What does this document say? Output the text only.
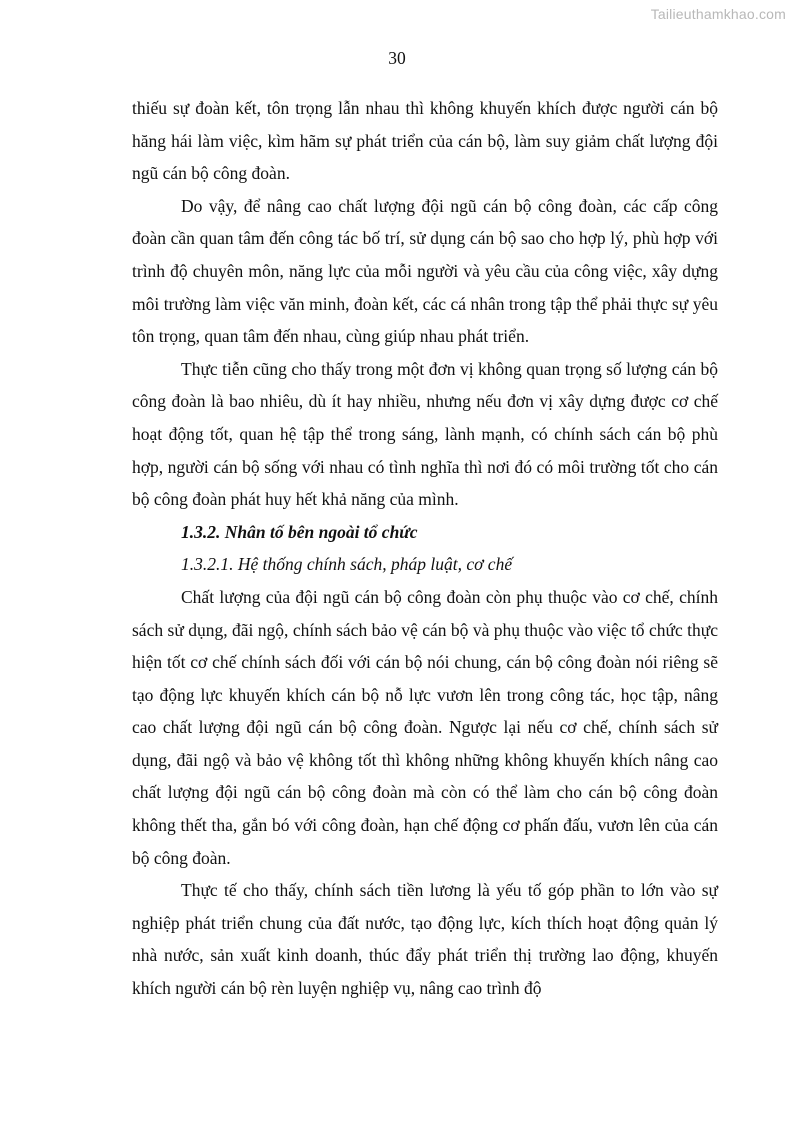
Tailieuthamkhao.com
30

thiếu sự đoàn kết, tôn trọng lẫn nhau thì không khuyến khích được người cán bộ hăng hái làm việc, kìm hãm sự phát triển của cán bộ, làm suy giảm chất lượng đội ngũ cán bộ công đoàn.

Do vậy, để nâng cao chất lượng đội ngũ cán bộ công đoàn, các cấp công đoàn cần quan tâm đến công tác bố trí, sử dụng cán bộ sao cho hợp lý, phù hợp với trình độ chuyên môn, năng lực của mỗi người và yêu cầu của công việc, xây dựng môi trường làm việc văn minh, đoàn kết, các cá nhân trong tập thể phải thực sự yêu tôn trọng, quan tâm đến nhau, cùng giúp nhau phát triển.

Thực tiễn cũng cho thấy trong một đơn vị không quan trọng số lượng cán bộ công đoàn là bao nhiêu, dù ít hay nhiều, nhưng nếu đơn vị xây dựng được cơ chế hoạt động tốt, quan hệ tập thể trong sáng, lành mạnh, có chính sách cán bộ phù hợp, người cán bộ sống với nhau có tình nghĩa thì nơi đó có môi trường tốt cho cán bộ công đoàn phát huy hết khả năng của mình.

1.3.2. Nhân tố bên ngoài tổ chức

1.3.2.1. Hệ thống chính sách, pháp luật, cơ chế

Chất lượng của đội ngũ cán bộ công đoàn còn phụ thuộc vào cơ chế, chính sách sử dụng, đãi ngộ, chính sách bảo vệ cán bộ và phụ thuộc vào việc tổ chức thực hiện tốt cơ chế chính sách đối với cán bộ nói chung, cán bộ công đoàn nói riêng sẽ tạo động lực khuyến khích cán bộ nỗ lực vươn lên trong công tác, học tập, nâng cao chất lượng đội ngũ cán bộ công đoàn. Ngược lại nếu cơ chế, chính sách sử dụng, đãi ngộ và bảo vệ không tốt thì không những không khuyến khích nâng cao chất lượng đội ngũ cán bộ công đoàn mà còn có thể làm cho cán bộ công đoàn không thết tha, gắn bó với công đoàn, hạn chế động cơ phấn đấu, vươn lên của cán bộ công đoàn.

Thực tế cho thấy, chính sách tiền lương là yếu tố góp phần to lớn vào sự nghiệp phát triển chung của đất nước, tạo động lực, kích thích hoạt động quản lý nhà nước, sản xuất kinh doanh, thúc đẩy phát triển thị trường lao động, khuyến khích người cán bộ rèn luyện nghiệp vụ, nâng cao trình độ
